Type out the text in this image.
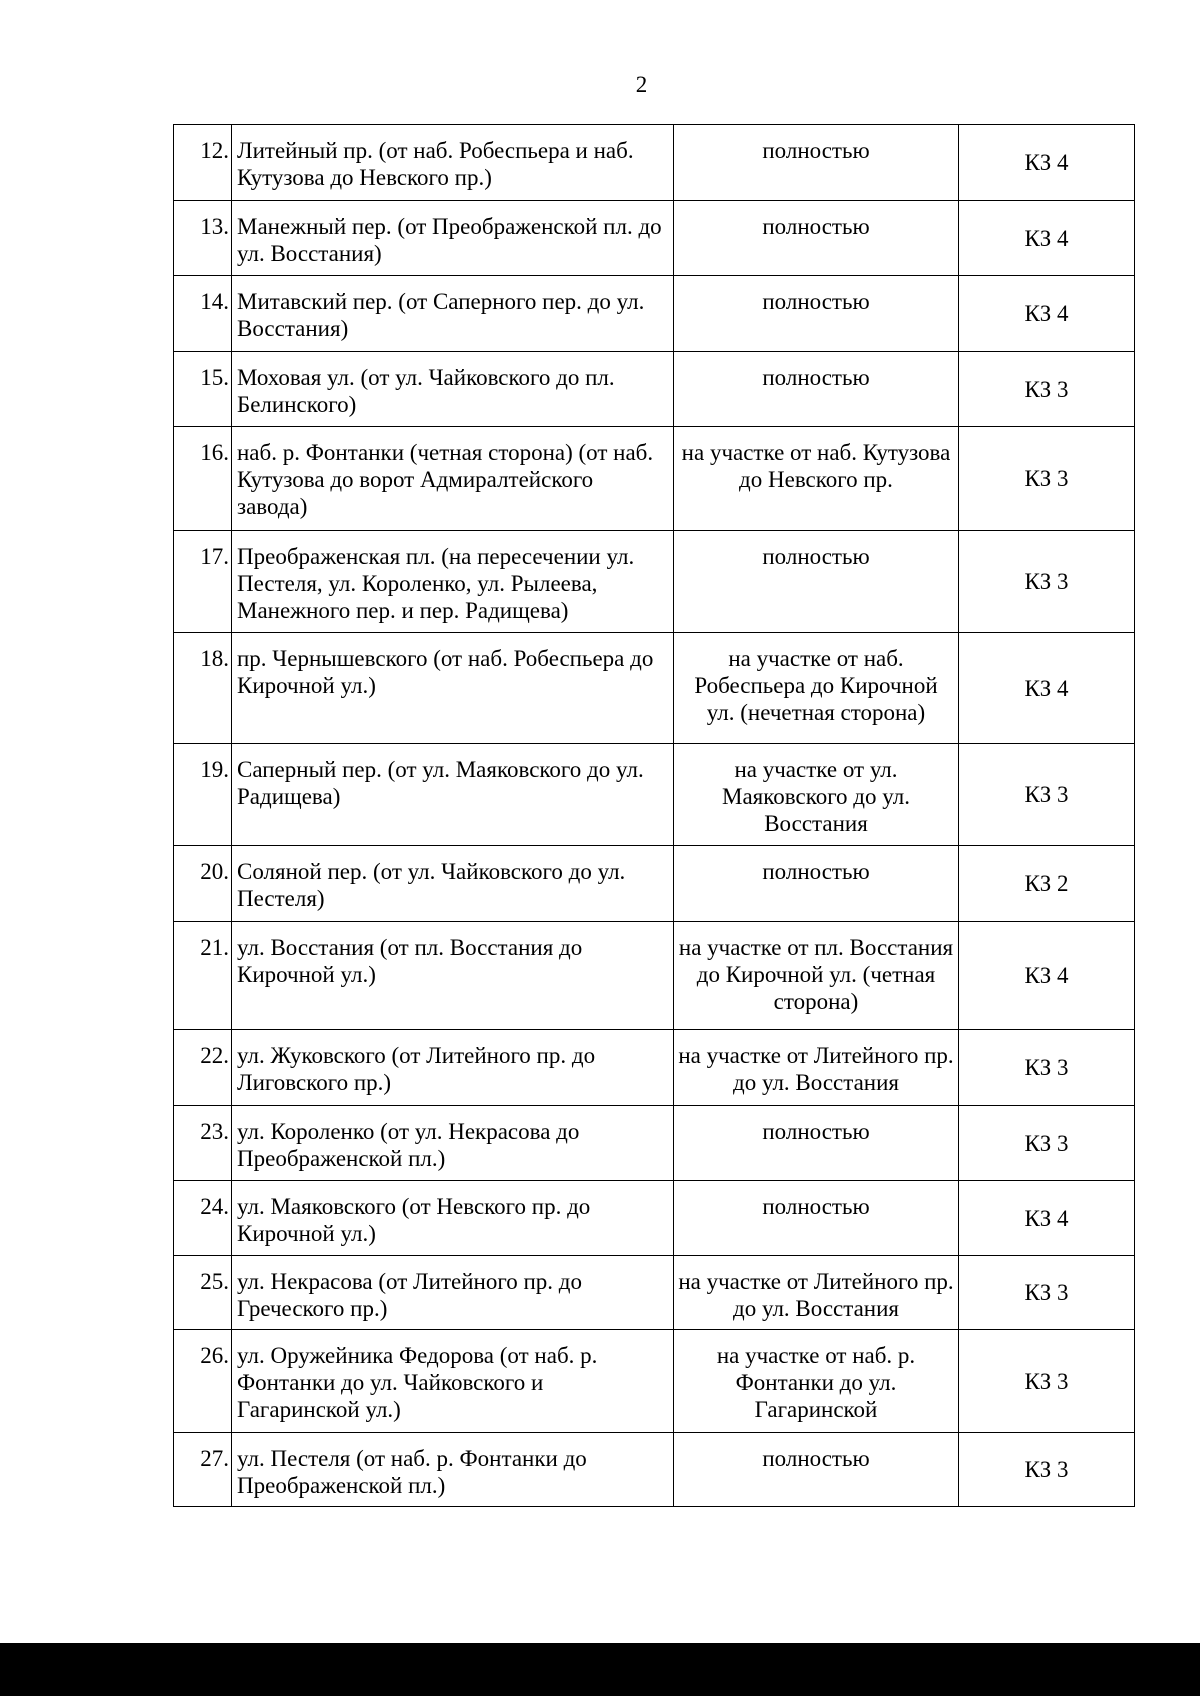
2
12.	Литейный пр. (от наб. Робеспьера и наб. Кутузова до Невского пр.)	полностью	КЗ 4
13.	Манежный пер. (от Преображенской пл. до ул. Восстания)	полностью	КЗ 4
14.	Митавский пер. (от Саперного пер. до ул. Восстания)	полностью	КЗ 4
15.	Моховая ул. (от ул. Чайковского до пл. Белинского)	полностью	КЗ 3
16.	наб. р. Фонтанки (четная сторона) (от наб. Кутузова до ворот Адмиралтейского завода)	на участке от наб. Кутузова до Невского пр.	КЗ 3
17.	Преображенская пл. (на пересечении ул. Пестеля, ул. Короленко, ул. Рылеева, Манежного пер. и пер. Радищева)	полностью	КЗ 3
18.	пр. Чернышевского (от наб. Робеспьера до Кирочной ул.)	на участке от наб. Робеспьера до Кирочной ул. (нечетная сторона)	КЗ 4
19.	Саперный пер. (от ул. Маяковского до ул. Радищева)	на участке от ул. Маяковского до ул. Восстания	КЗ 3
20.	Соляной пер. (от ул. Чайковского до ул. Пестеля)	полностью	КЗ 2
21.	ул. Восстания (от пл. Восстания до Кирочной ул.)	на участке от пл. Восстания до Кирочной ул. (четная сторона)	КЗ 4
22.	ул. Жуковского (от Литейного пр. до Лиговского пр.)	на участке от Литейного пр. до ул. Восстания	КЗ 3
23.	ул. Короленко (от ул. Некрасова до Преображенской пл.)	полностью	КЗ 3
24.	ул. Маяковского (от Невского пр. до Кирочной ул.)	полностью	КЗ 4
25.	ул. Некрасова (от Литейного пр. до Греческого пр.)	на участке от Литейного пр. до ул. Восстания	КЗ 3
26.	ул. Оружейника Федорова (от наб. р. Фонтанки до ул. Чайковского и Гагаринской ул.)	на участке от наб. р. Фонтанки до ул. Гагаринской	КЗ 3
27.	ул. Пестеля (от наб. р. Фонтанки до Преображенской пл.)	полностью	КЗ 3
